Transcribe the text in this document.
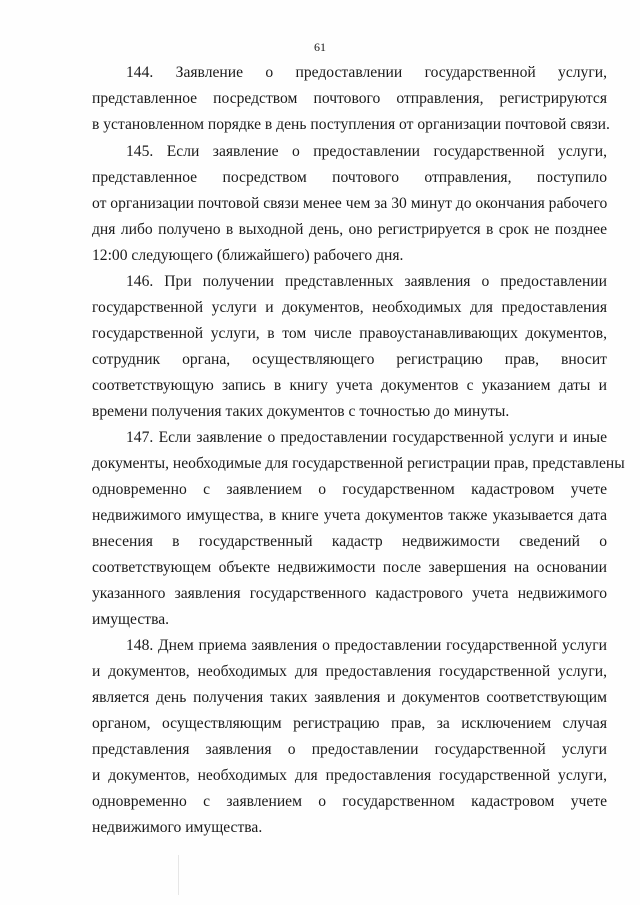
61
144. Заявление о предоставлении государственной услуги,
представленное посредством почтового отправления, регистрируются
в установленном порядке в день поступления от организации почтовой связи.
145. Если заявление о предоставлении государственной услуги,
представленное посредством почтового отправления, поступило
от организации почтовой связи менее чем за 30 минут до окончания рабочего
дня либо получено в выходной день, оно регистрируется в срок не позднее
12:00 следующего (ближайшего) рабочего дня.
146. При получении представленных заявления о предоставлении
государственной услуги и документов, необходимых для предоставления
государственной услуги, в том числе правоустанавливающих документов,
сотрудник органа, осуществляющего регистрацию прав, вносит
соответствующую запись в книгу учета документов с указанием даты и
времени получения таких документов с точностью до минуты.
147. Если заявление о предоставлении государственной услуги и иные
документы, необходимые для государственной регистрации прав, представлены
одновременно с заявлением о государственном кадастровом учете
недвижимого имущества, в книге учета документов также указывается дата
внесения в государственный кадастр недвижимости сведений о
соответствующем объекте недвижимости после завершения на основании
указанного заявления государственного кадастрового учета недвижимого
имущества.
148. Днем приема заявления о предоставлении государственной услуги
и документов, необходимых для предоставления государственной услуги,
является день получения таких заявления и документов соответствующим
органом, осуществляющим регистрацию прав, за исключением случая
представления заявления о предоставлении государственной услуги
и документов, необходимых для предоставления государственной услуги,
одновременно с заявлением о государственном кадастровом учете
недвижимого имущества.
